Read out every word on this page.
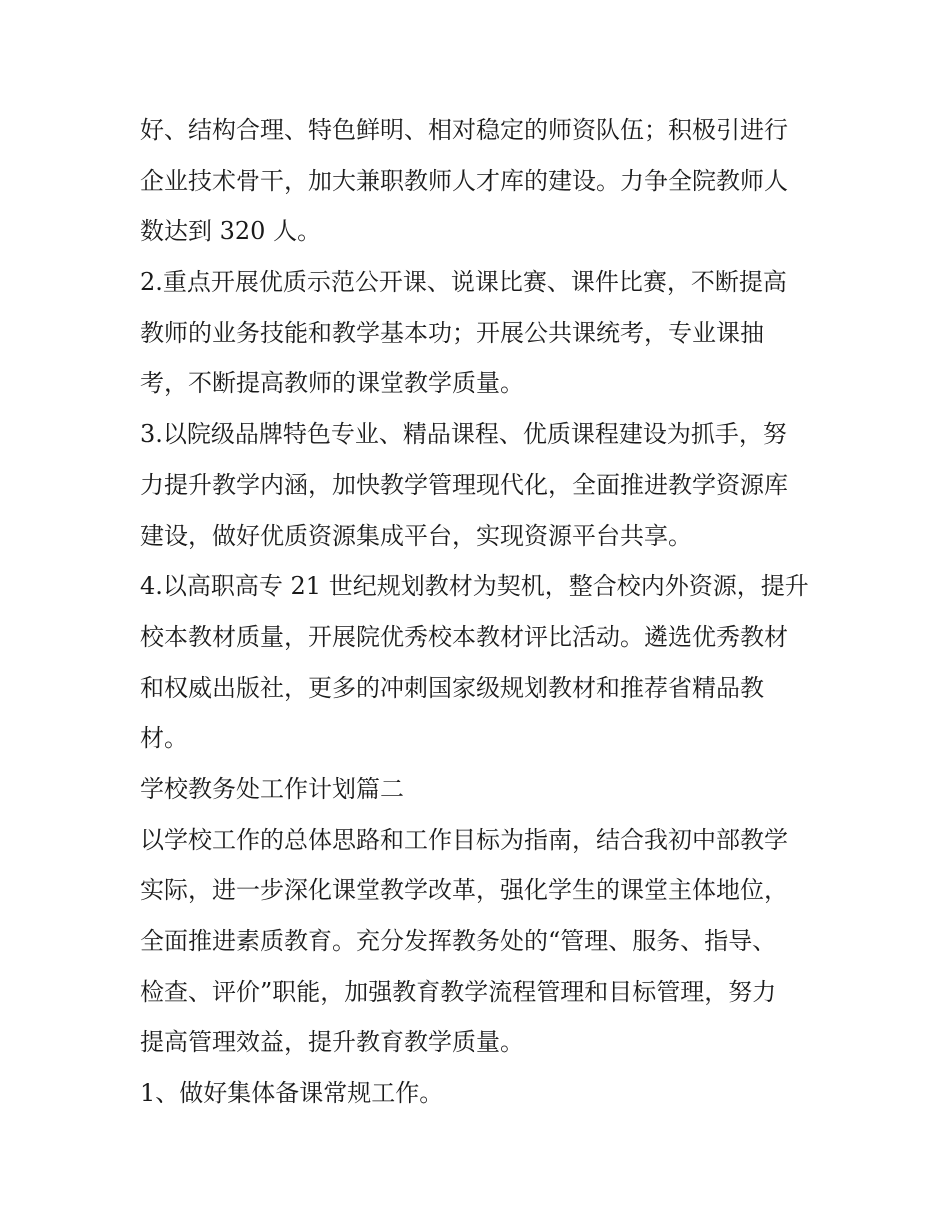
好、结构合理、特色鲜明、相对稳定的师资队伍；积极引进行
企业技术骨干，加大兼职教师人才库的建设。力争全院教师人
数达到 320 人。
2.重点开展优质示范公开课、说课比赛、课件比赛，不断提高
教师的业务技能和教学基本功；开展公共课统考，专业课抽
考，不断提高教师的课堂教学质量。
3.以院级品牌特色专业、精品课程、优质课程建设为抓手，努
力提升教学内涵，加快教学管理现代化，全面推进教学资源库
建设，做好优质资源集成平台，实现资源平台共享。
4.以高职高专 21 世纪规划教材为契机，整合校内外资源，提升
校本教材质量，开展院优秀校本教材评比活动。遴选优秀教材
和权威出版社，更多的冲刺国家级规划教材和推荐省精品教
材。
学校教务处工作计划篇二
以学校工作的总体思路和工作目标为指南，结合我初中部教学
实际，进一步深化课堂教学改革，强化学生的课堂主体地位，
全面推进素质教育。充分发挥教务处的“管理、服务、指导、
检查、评价”职能，加强教育教学流程管理和目标管理，努力
提高管理效益，提升教育教学质量。
1、做好集体备课常规工作。
